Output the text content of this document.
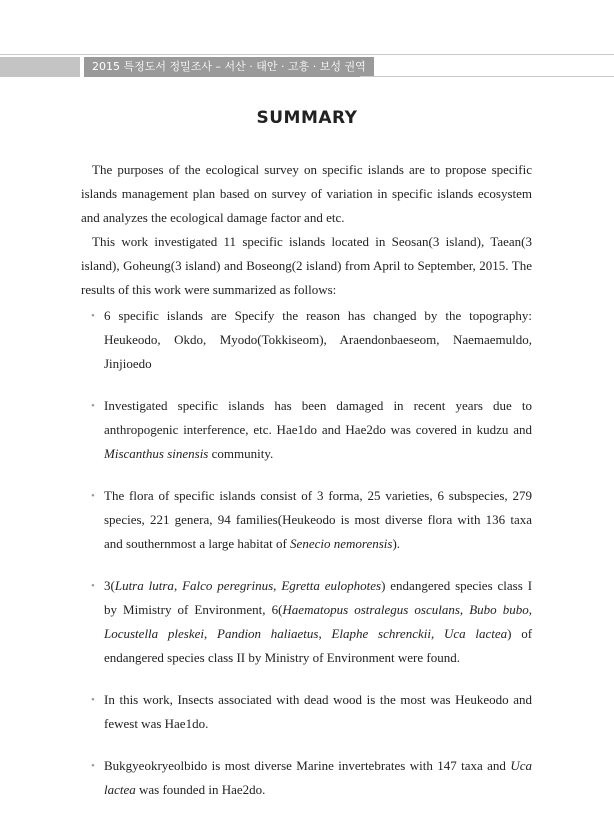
2015 특정도서 정밀조사 – 서산 · 태안 · 고흥 · 보성 권역
SUMMARY

The purposes of the ecological survey on specific islands are to propose specific islands management plan based on survey of variation in specific islands ecosystem and analyzes the ecological damage factor and etc.

This work investigated 11 specific islands located in Seosan(3 island), Taean(3 island), Goheung(3 island) and Boseong(2 island) from April to September, 2015. The results of this work were summarized as follows:

•
6 specific islands are Specify the reason has changed by the topography: Heukeodo, Okdo, Myodo(Tokkiseom), Araendonbaeseom, Naemaemuldo, Jinjioedo
•
Investigated specific islands has been damaged in recent years due to anthropogenic interference, etc. Hae1do and Hae2do was covered in kudzu and Miscanthus sinensis community.
•
The flora of specific islands consist of 3 forma, 25 varieties, 6 subspecies, 279 species, 221 genera, 94 families(Heukeodo is most diverse flora with 136 taxa and southernmost a large habitat of Senecio nemorensis).
•
3(Lutra lutra, Falco peregrinus, Egretta eulophotes) endangered species class I by Mimistry of Environment, 6(Haematopus ostralegus osculans, Bubo bubo, Locustella pleskei, Pandion haliaetus, Elaphe schrenckii, Uca lactea) of endangered species class II by Ministry of Environment were found.
•
In this work, Insects associated with dead wood is the most was Heukeodo and fewest was Hae1do.
•
Bukgyeokryeolbido is most diverse Marine invertebrates with 147 taxa and Uca lactea was founded in Hae2do.
